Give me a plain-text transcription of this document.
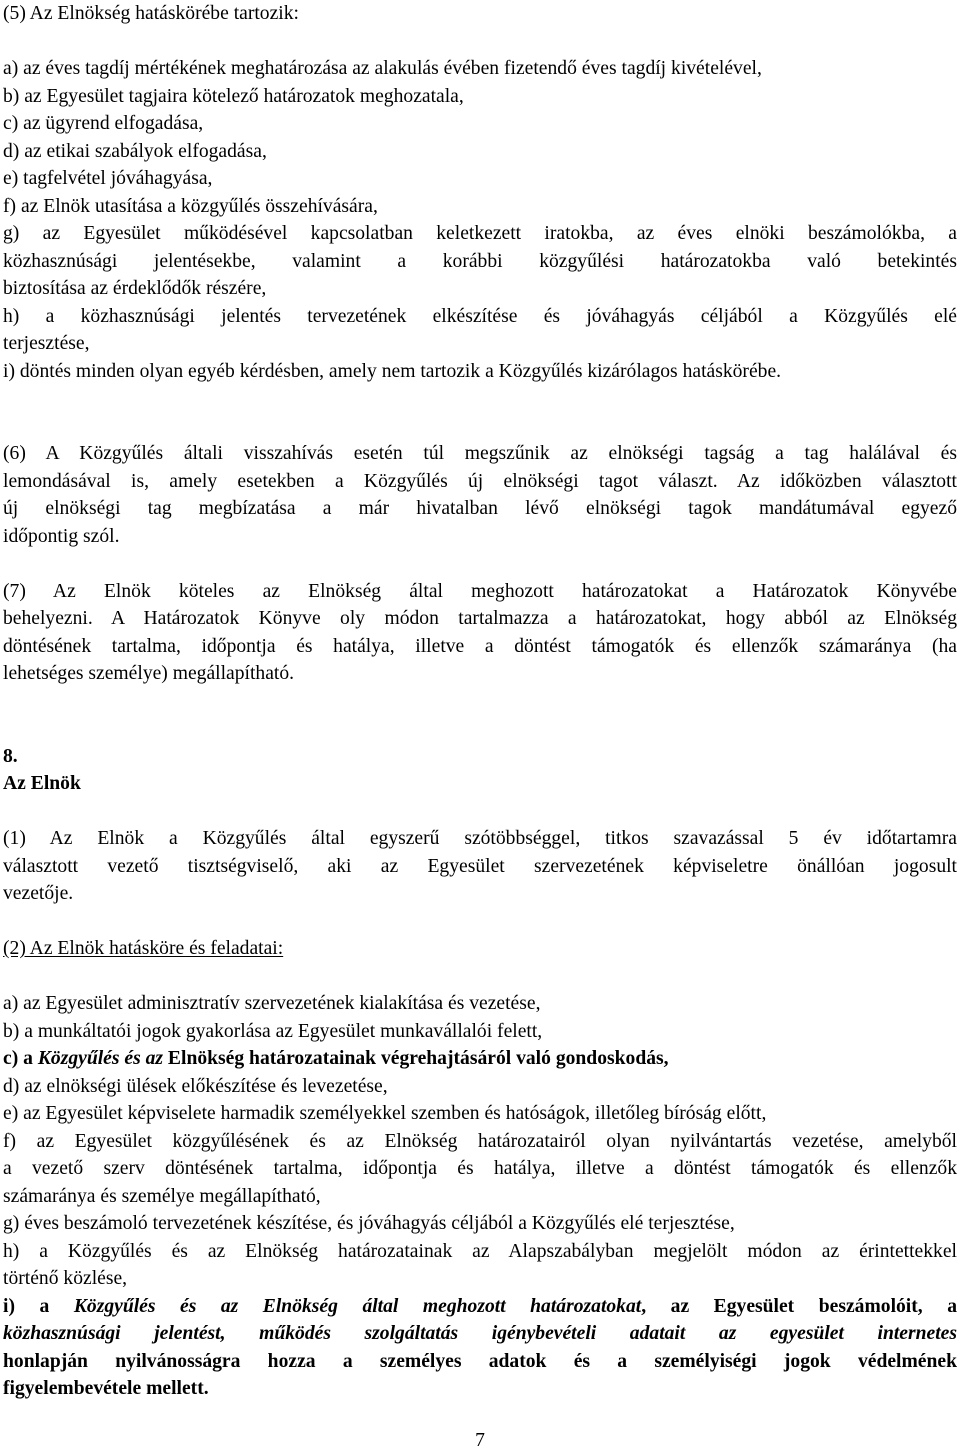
(5) Az Elnökség hatáskörébe tartozik:
a) az éves tagdíj mértékének meghatározása az alakulás évében fizetendő éves tagdíj kivételével,
b) az Egyesület tagjaira kötelező határozatok meghozatala,
c) az ügyrend elfogadása,
d) az etikai szabályok elfogadása,
e) tagfelvétel jóváhagyása,
f) az Elnök utasítása a közgyűlés összehívására,
g) az Egyesület működésével kapcsolatban keletkezett iratokba, az éves elnöki beszámolókba, a
közhasznúsági jelentésekbe, valamint a korábbi közgyűlési határozatokba való betekintés
biztosítása az érdeklődők részére,
h) a közhasznúsági jelentés tervezetének elkészítése és jóváhagyás céljából a Közgyűlés elé
terjesztése,
i) döntés minden olyan egyéb kérdésben, amely nem tartozik a Közgyűlés kizárólagos hatáskörébe.
(6) A Közgyűlés általi visszahívás esetén túl megszűnik az elnökségi tagság a tag halálával és
lemondásával is, amely esetekben a Közgyűlés új elnökségi tagot választ. Az időközben választott
új elnökségi tag megbízatása a már hivatalban lévő elnökségi tagok mandátumával egyező
időpontig szól.
(7) Az Elnök köteles az Elnökség által meghozott határozatokat a Határozatok Könyvébe
behelyezni. A Határozatok Könyve oly módon tartalmazza a határozatokat, hogy abból az Elnökség
döntésének tartalma, időpontja és hatálya, illetve a döntést támogatók és ellenzők számaránya (ha
lehetséges személye) megállapítható.
8.
Az Elnök
(1) Az Elnök a Közgyűlés által egyszerű szótöbbséggel, titkos szavazással 5 év időtartamra
választott vezető tisztségviselő, aki az Egyesület szervezetének képviseletre önállóan jogosult
vezetője.
(2) Az Elnök hatásköre és feladatai:
a) az Egyesület adminisztratív szervezetének kialakítása és vezetése,
b) a munkáltatói jogok gyakorlása az Egyesület munkavállalói felett,
c) a Közgyűlés és az Elnökség határozatainak végrehajtásáról való gondoskodás,
d) az elnökségi ülések előkészítése és levezetése,
e) az Egyesület képviselete harmadik személyekkel szemben és hatóságok, illetőleg bíróság előtt,
f) az Egyesület közgyűlésének és az Elnökség határozatairól olyan nyilvántartás vezetése, amelyből
a vezető szerv döntésének tartalma, időpontja és hatálya, illetve a döntést támogatók és ellenzők
számaránya és személye megállapítható,
g) éves beszámoló tervezetének készítése, és jóváhagyás céljából a Közgyűlés elé terjesztése,
h) a Közgyűlés és az Elnökség határozatainak az Alapszabályban megjelölt módon az érintettekkel
történő közlése,
i) a Közgyűlés és az Elnökség által meghozott határozatokat, az Egyesület beszámolóit, a
közhasznúsági jelentést, működés szolgáltatás igénybevételi adatait az egyesület internetes
honlapján nyilvánosságra hozza a személyes adatok és a személyiségi jogok védelmének
figyelembevétele mellett.
7
